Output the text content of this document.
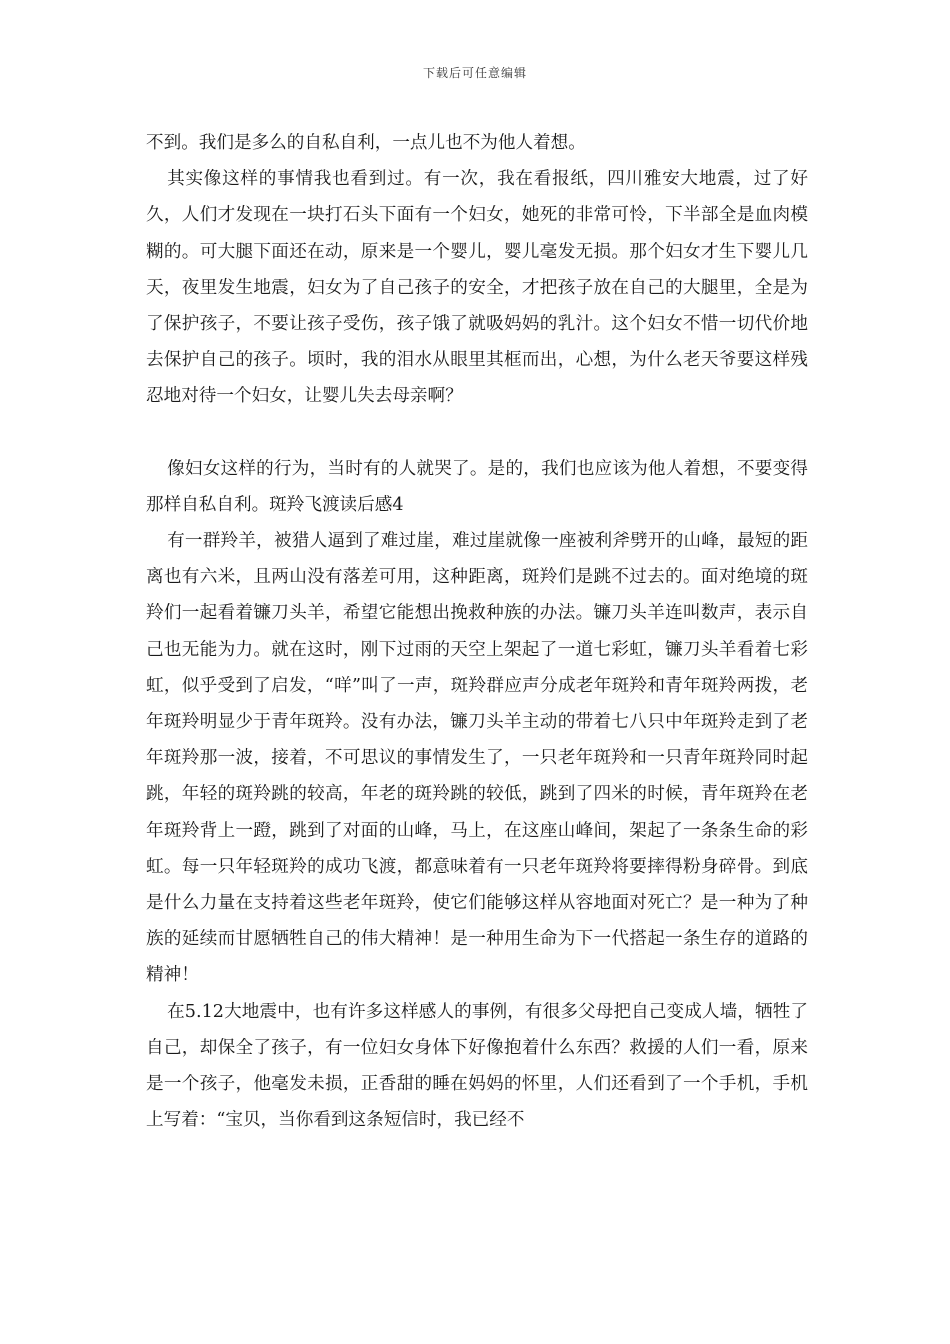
下载后可任意编辑

不到。我们是多么的自私自利，一点儿也不为他人着想。

其实像这样的事情我也看到过。有一次，我在看报纸，四川雅安大地震，过了好久，人们才发现在一块打石头下面有一个妇女，她死的非常可怜，下半部全是血肉模糊的。可大腿下面还在动，原来是一个婴儿，婴儿毫发无损。那个妇女才生下婴儿几天，夜里发生地震，妇女为了自己孩子的安全，才把孩子放在自己的大腿里，全是为了保护孩子，不要让孩子受伤，孩子饿了就吸妈妈的乳汁。这个妇女不惜一切代价地去保护自己的孩子。顷时，我的泪水从眼里其框而出，心想，为什么老天爷要这样残忍地对待一个妇女，让婴儿失去母亲啊？

像妇女这样的行为，当时有的人就哭了。是的，我们也应该为他人着想，不要变得那样自私自利。斑羚飞渡读后感4

有一群羚羊，被猎人逼到了难过崖，难过崖就像一座被利斧劈开的山峰，最短的距离也有六米，且两山没有落差可用，这种距离，斑羚们是跳不过去的。面对绝境的斑羚们一起看着镰刀头羊，希望它能想出挽救种族的办法。镰刀头羊连叫数声，表示自己也无能为力。就在这时，刚下过雨的天空上架起了一道七彩虹，镰刀头羊看着七彩虹，似乎受到了启发，“咩”叫了一声，斑羚群应声分成老年斑羚和青年斑羚两拨，老年斑羚明显少于青年斑羚。没有办法，镰刀头羊主动的带着七八只中年斑羚走到了老年斑羚那一波，接着，不可思议的事情发生了，一只老年斑羚和一只青年斑羚同时起跳，年轻的斑羚跳的较高，年老的斑羚跳的较低，跳到了四米的时候，青年斑羚在老年斑羚背上一蹬，跳到了对面的山峰，马上，在这座山峰间，架起了一条条生命的彩虹。每一只年轻斑羚的成功飞渡，都意味着有一只老年斑羚将要摔得粉身碎骨。到底是什么力量在支持着这些老年斑羚，使它们能够这样从容地面对死亡？是一种为了种族的延续而甘愿牺牲自己的伟大精神！是一种用生命为下一代搭起一条生存的道路的精神！

在5.12大地震中，也有许多这样感人的事例，有很多父母把自己变成人墙，牺牲了自己，却保全了孩子，有一位妇女身体下好像抱着什么东西？救援的人们一看，原来是一个孩子，他毫发未损，正香甜的睡在妈妈的怀里，人们还看到了一个手机，手机上写着：“宝贝，当你看到这条短信时，我已经不
